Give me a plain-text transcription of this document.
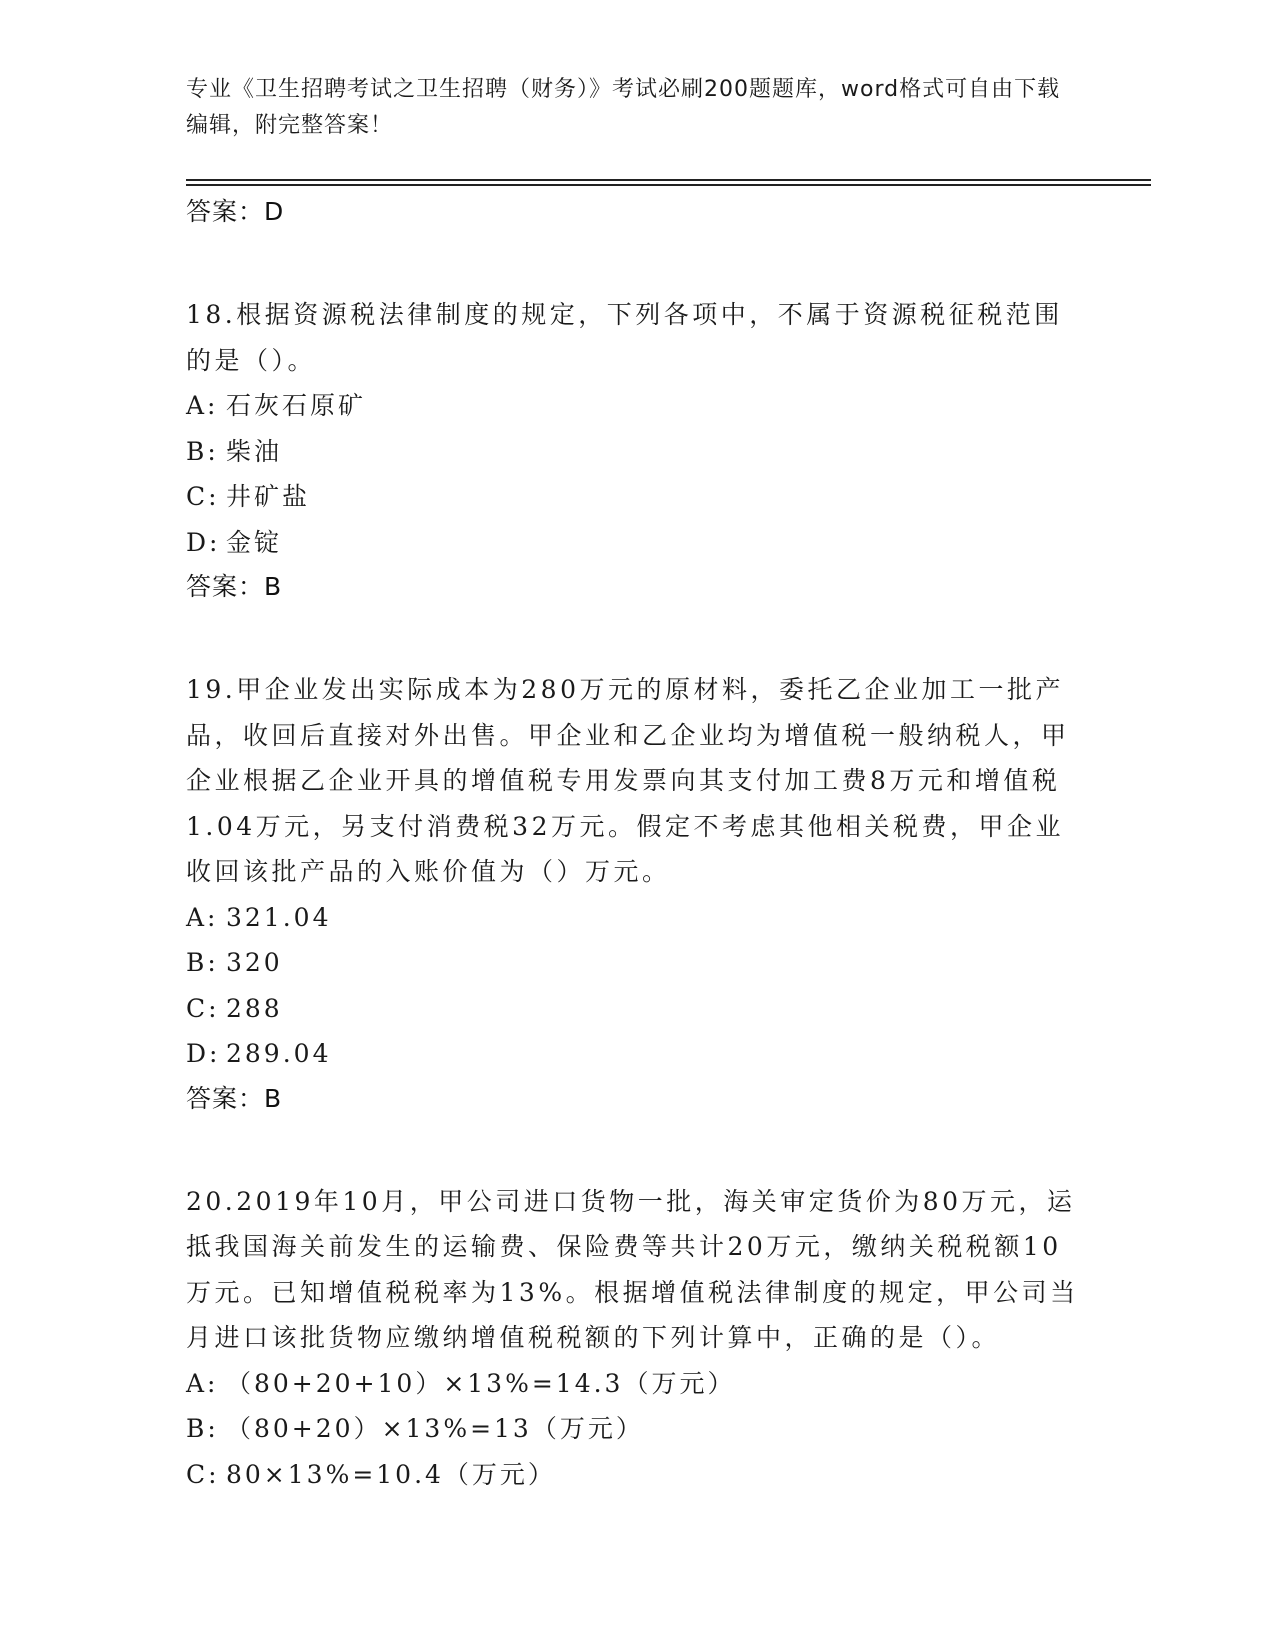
专业《卫生招聘考试之卫生招聘（财务）》考试必刷200题题库，word格式可自由下载编辑，附完整答案！
答案：D

18.根据资源税法律制度的规定，下列各项中，不属于资源税征税范围的是（）。

A: 石灰石原矿
B: 柴油
C: 井矿盐
D: 金锭
答案：B

19.甲企业发出实际成本为280万元的原材料，委托乙企业加工一批产品，收回后直接对外出售。甲企业和乙企业均为增值税一般纳税人，甲企业根据乙企业开具的增值税专用发票向其支付加工费8万元和增值税1.04万元，另支付消费税32万元。假定不考虑其他相关税费，甲企业收回该批产品的入账价值为（）万元。

A: 321.04
B: 320
C: 288
D: 289.04
答案：B

20.2019年10月，甲公司进口货物一批，海关审定货价为80万元，运抵我国海关前发生的运输费、保险费等共计20万元，缴纳关税税额10万元。已知增值税税率为13%。根据增值税法律制度的规定，甲公司当月进口该批货物应缴纳增值税税额的下列计算中，正确的是（）。

A: （80+20+10）×13%=14.3（万元）
B: （80+20）×13%=13（万元）
C: 80×13%=10.4（万元）
